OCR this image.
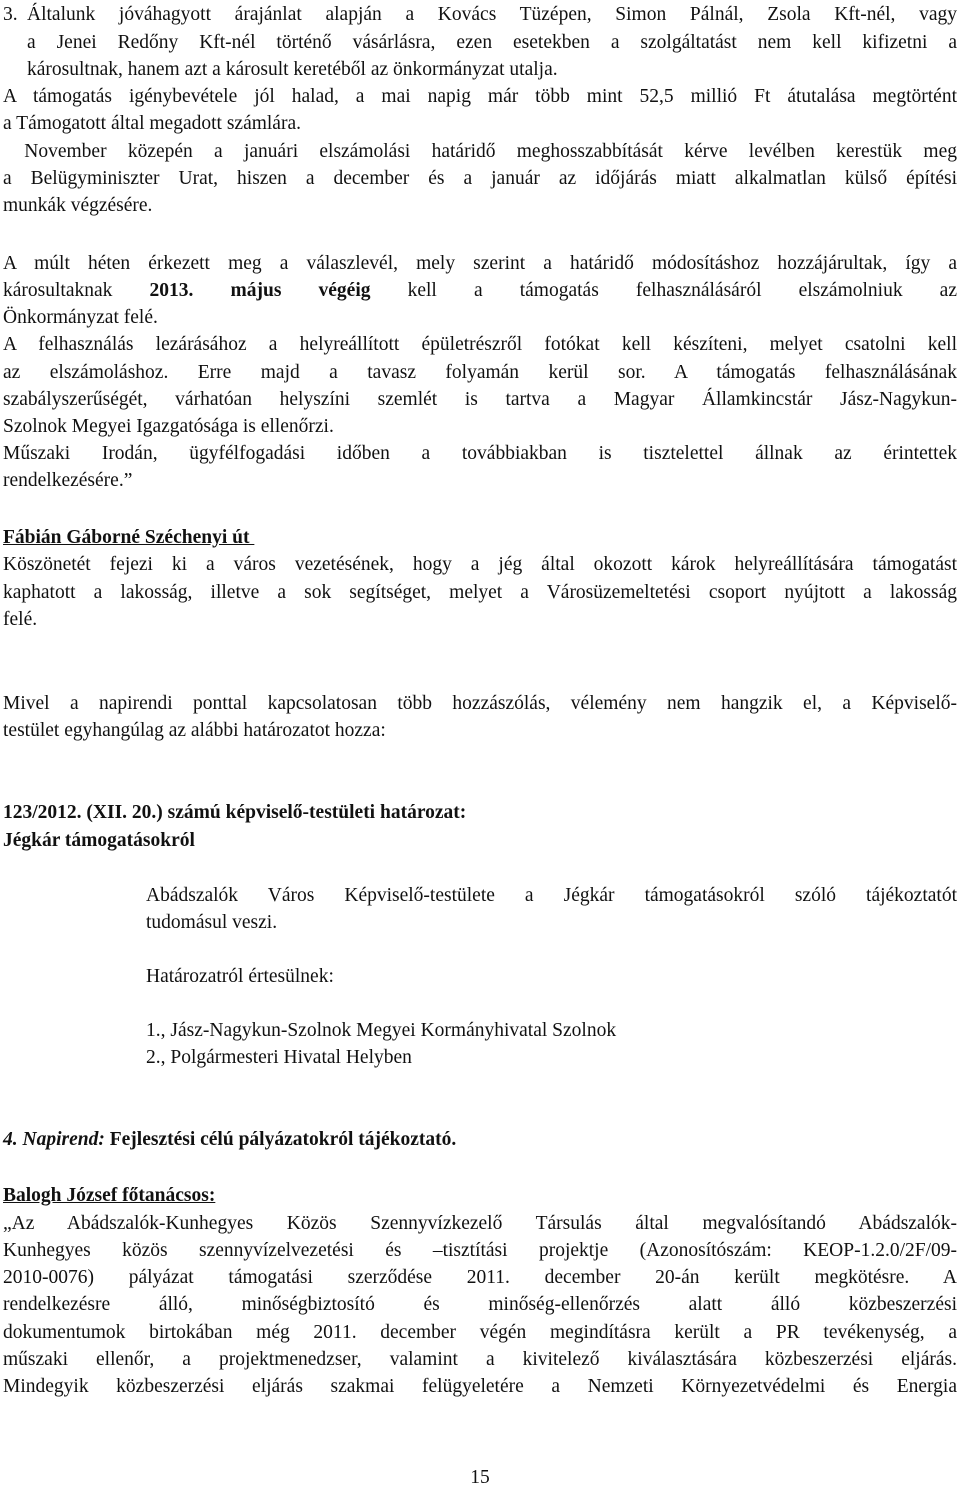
3. Általunk jóváhagyott árajánlat alapján a Kovács Tüzépen, Simon Pálnál, Zsola Kft-nél, vagy
a Jenei Redőny Kft-nél történő vásárlásra, ezen esetekben a szolgáltatást nem kell kifizetni a
károsultnak, hanem azt a károsult keretéből az önkormányzat utalja.
A támogatás igénybevétele jól halad, a mai napig már több mint 52,5 millió Ft átutalása megtörtént
a Támogatott által megadott számlára.
November közepén a januári elszámolási határidő meghosszabbítását kérve levélben kerestük meg
a Belügyminiszter Urat, hiszen a december és a január az időjárás miatt alkalmatlan külső építési
munkák végzésére.
A múlt héten érkezett meg a válaszlevél, mely szerint a határidő módosításhoz hozzájárultak, így a
károsultaknak 2013. május végéig kell a támogatás felhasználásáról elszámolniuk az
Önkormányzat felé.
A felhasználás lezárásához a helyreállított épületrészről fotókat kell készíteni, melyet csatolni kell
az elszámoláshoz. Erre majd a tavasz folyamán kerül sor. A támogatás felhasználásának
szabályszerűségét, várhatóan helyszíni szemlét is tartva a Magyar Államkincstár Jász-Nagykun-
Szolnok Megyei Igazgatósága is ellenőrzi.
Műszaki Irodán, ügyfélfogadási időben a továbbiakban is tisztelettel állnak az érintettek
rendelkezésére.”
Fábián Gáborné Széchenyi út
Köszönetét fejezi ki a város vezetésének, hogy a jég által okozott károk helyreállítására támogatást
kaphatott a lakosság, illetve a sok segítséget, melyet a Városüzemeltetési csoport nyújtott a lakosság
felé.
Mivel a napirendi ponttal kapcsolatosan több hozzászólás, vélemény nem hangzik el, a Képviselő-
testület egyhangúlag az alábbi határozatot hozza:
123/2012. (XII. 20.) számú képviselő-testületi határozat:
Jégkár támogatásokról
Abádszalók Város Képviselő-testülete a Jégkár támogatásokról szóló tájékoztatót
tudomásul veszi.
Határozatról értesülnek:
1., Jász-Nagykun-Szolnok Megyei Kormányhivatal Szolnok
2., Polgármesteri Hivatal Helyben
4. Napirend: Fejlesztési célú pályázatokról tájékoztató.
Balogh József főtanácsos:
„Az Abádszalók-Kunhegyes Közös Szennyvízkezelő Társulás által megvalósítandó Abádszalók-
Kunhegyes közös szennyvízelvezetési és –tisztítási projektje (Azonosítószám: KEOP-1.2.0/2F/09-
2010-0076) pályázat támogatási szerződése 2011. december 20-án került megkötésre. A
rendelkezésre álló, minőségbiztosító és minőség-ellenőrzés alatt álló közbeszerzési
dokumentumok birtokában még 2011. december végén megindításra került a PR tevékenység, a
műszaki ellenőr, a projektmenedzser, valamint a kivitelező kiválasztására közbeszerzési eljárás.
Mindegyik közbeszerzési eljárás szakmai felügyeletére a Nemzeti Környezetvédelmi és Energia
15
